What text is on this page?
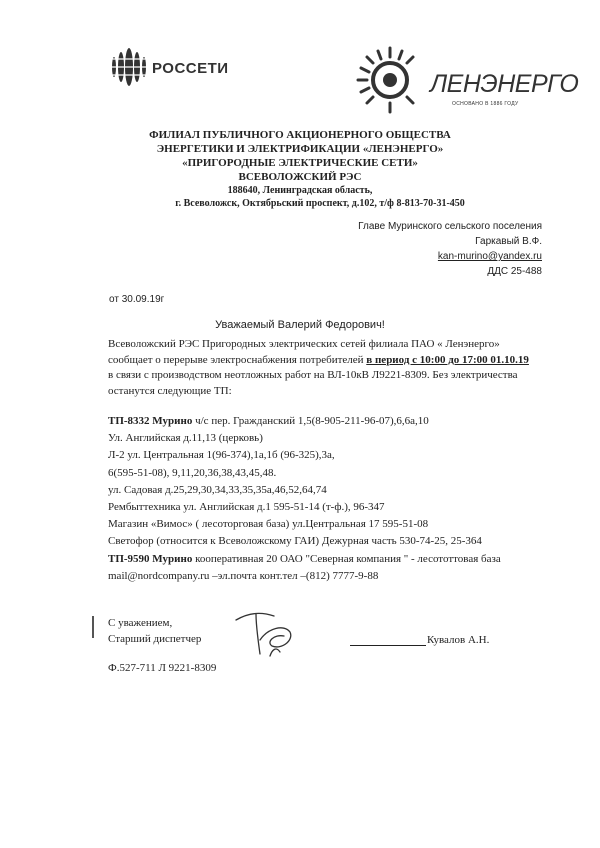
РОССЕТИ
ЛЕНЭНЕРГО
ОСНОВАНО В 1886 ГОДУ
ФИЛИАЛ ПУБЛИЧНОГО АКЦИОНЕРНОГО ОБЩЕСТВА
ЭНЕРГЕТИКИ И ЭЛЕКТРИФИКАЦИИ «ЛЕНЭНЕРГО»
«ПРИГОРОДНЫЕ ЭЛЕКТРИЧЕСКИЕ СЕТИ»
ВСЕВОЛОЖСКИЙ РЭС
188640, Ленинградская область,
г. Всеволожск, Октябрьский проспект, д.102, т/ф 8-813-70-31-450
Главе Муринского сельского поселения
Гаркавый В.Ф.
kan-murino@yandex.ru
ДДС 25-488
от 30.09.19г
Уважаемый Валерий Федорович!
Всеволожский РЭС Пригородных электрических сетей филиала ПАО « Ленэнерго»
сообщает о перерыве электроснабжения потребителей в период с 10:00 до 17:00 01.10.19
в связи с производством неотложных работ на ВЛ-10кВ Л9221-8309. Без электричества
останутся следующие ТП:
ТП-8332 Мурино ч/с пер. Гражданский 1,5(8-905-211-96-07),6,6а,10
Ул. Английская д.11,13 (церковь)
Л-2 ул. Центральная 1(96-374),1а,1б (96-325),3а,
6(595-51-08), 9,11,20,36,38,43,45,48.
ул. Садовая д.25,29,30,34,33,35,35а,46,52,64,74
Рембыттехника ул. Английская д.1 595-51-14 (т-ф.), 96-347
Магазин «Вимос» ( лесоторговая база) ул.Центральная 17 595-51-08
Светофор (относится к Всеволожскому ГАИ) Дежурная часть 530-74-25, 25-364
ТП-9590 Мурино кооперативная 20 ОАО "Северная компания " - лесототтовая база
mail@nordcompany.ru –эл.почта конт.тел –(812) 7777-9-88
С уважением,
Старший диспетчер	Кувалов А.Н.
Ф.527-711 Л 9221-8309
